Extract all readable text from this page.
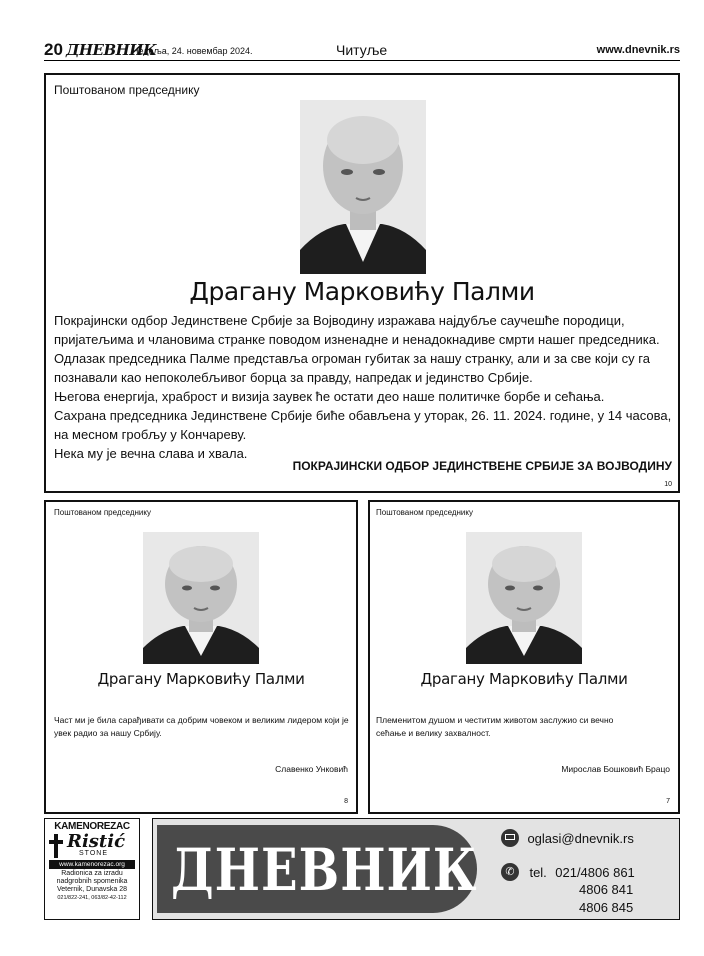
20 ДНЕВНИК
Недеља, 24. новембар 2024.	Читуље	www.dnevnik.rs
Поштованом председнику
Драгану Марковићу Палми

Покрајински одбор Јединствене Србије за Војводину изражава најдубље саучешће породици, пријатељима и члановима странке поводом изненадне и ненадокнадиве смрти нашег председника.

Одлазак председника Палме представља огроман губитак за нашу странку, али и за све који су га познавали као непоколебљивог борца за правду, напредак и јединство Србије.

Његова енергија, храброст и визија заувек ће остати део наше политичке борбе и сећања.

Сахрана председника Јединствене Србије биће обављена у уторак, 26. 11. 2024. године, у 14 часова, на месном гробљу у Кончареву.

Нека му је вечна слава и хвала.

ПОКРАЈИНСКИ ОДБОР ЈЕДИНСТВЕНЕ СРБИЈЕ ЗА ВОЈВОДИНУ
10
Поштованом председнику
Драгану Марковићу Палми
Част ми је била сарађивати са добрим човеком и великим лидером који је увек радио за нашу Србију.
Славенко Унковић
8
Поштованом председнику
Драгану Марковићу Палми
Племенитом душом и честитим животом заслужио си вечно сећање и велику захвалност.
Мирослав Бошковић Брацо
7
KAMENOREZAC
Ristić
STONE
www.kamenorezac.org
Radionica za izradu
nadgrobnih spomenika
Veternik, Dunavska 28
021/822-241, 063/82-42-112 ДНЕВНИК	oglasi@dnevnik.rs
✆ tel. 021/4806 861
4806 841
4806 845
